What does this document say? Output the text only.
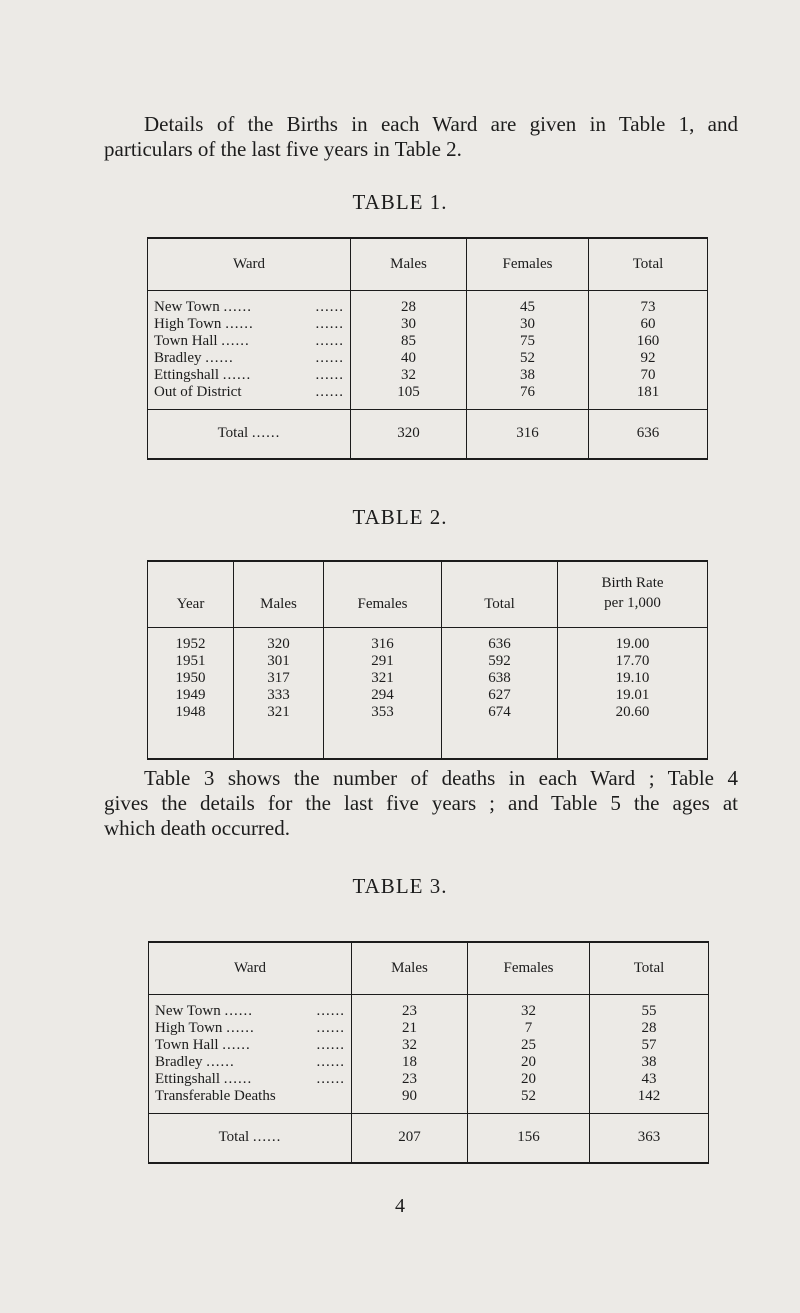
Details of the Births in each Ward are given in Table 1, and
particulars of the last five years in Table 2.
TABLE 1.
Ward	Males	Females	Total
New Town ...... ......	28	45	73
High Town ...... ......	30	30	60
Town Hall ...... ......	85	75	160
Bradley ...... ......	40	52	92
Ettingshall ...... ......	32	38	70
Out of District ......	105	76	181
Total ......	320	316	636
TABLE 2.
Year	Males	Females	Total	Birth Rate
per 1,000

1952	320	316	636	19.00
1951	301	291	592	17.70
1950	317	321	638	19.10
1949	333	294	627	19.01
1948	321	353	674	20.60
Table 3 shows the number of deaths in each Ward ; Table 4
gives the details for the last five years ; and Table 5 the ages at
which death occurred.
TABLE 3.
Ward	Males	Females	Total
New Town ...... ......	23	32	55
High Town ...... ......	21	7	28
Town Hall ...... ......	32	25	57
Bradley ...... ......	18	20	38
Ettingshall ...... ......	23	20	43
Transferable Deaths	90	52	142
Total ......	207	156	363
4
